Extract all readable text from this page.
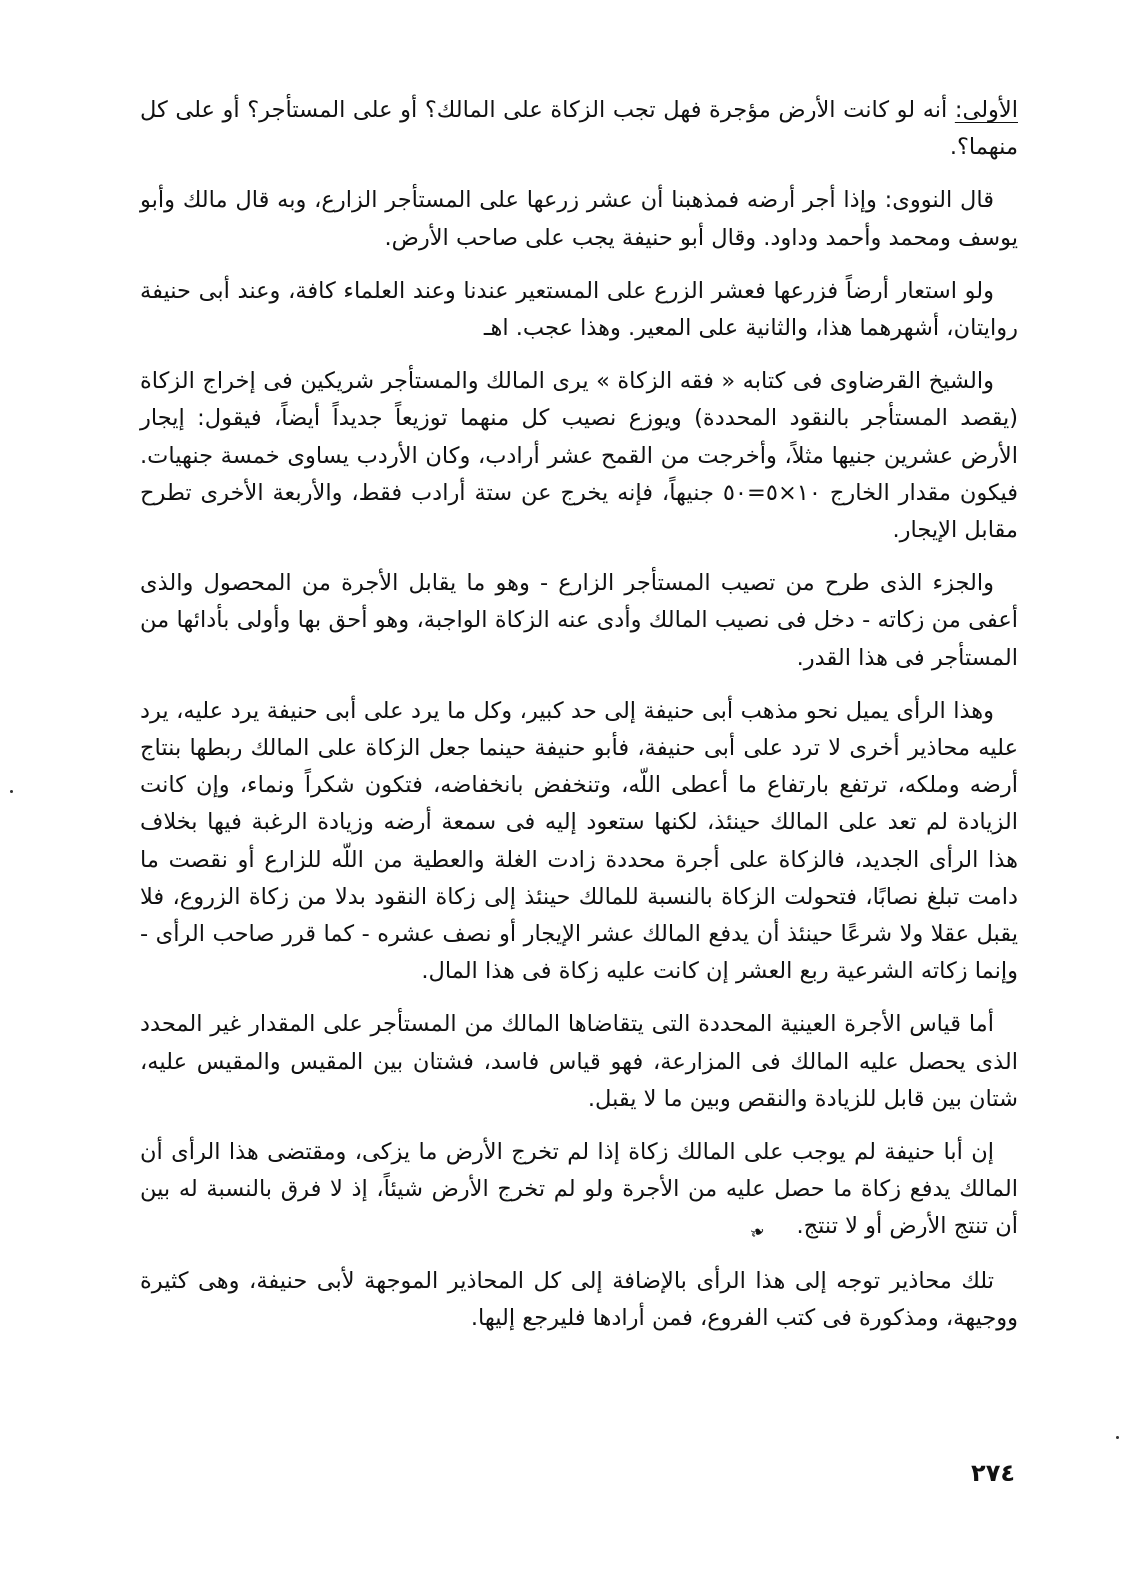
الأولى: أنه لو كانت الأرض مؤجرة فهل تجب الزكاة على المالك؟ أو على المستأجر؟ أو على كل منهما؟.

قال النووى: وإذا أجر أرضه فمذهبنا أن عشر زرعها على المستأجر الزارع، وبه قال مالك وأبو يوسف ومحمد وأحمد وداود. وقال أبو حنيفة يجب على صاحب الأرض.

ولو استعار أرضاً فزرعها فعشر الزرع على المستعير عندنا وعند العلماء كافة، وعند أبى حنيفة روايتان، أشهرهما هذا، والثانية على المعير. وهذا عجب. اهـ

والشيخ القرضاوى فى كتابه « فقه الزكاة » يرى المالك والمستأجر شريكين فى إخراج الزكاة (يقصد المستأجر بالنقود المحددة) ويوزع نصيب كل منهما توزيعاً جديداً أيضاً، فيقول: إيجار الأرض عشرين جنيها مثلاً، وأخرجت من القمح عشر أرادب، وكان الأردب يساوى خمسة جنهيات. فيكون مقدار الخارج ١٠×٥=٥٠ جنيهاً، فإنه يخرج عن ستة أرادب فقط، والأربعة الأخرى تطرح مقابل الإيجار.

والجزء الذى طرح من تصيب المستأجر الزارع - وهو ما يقابل الأجرة من المحصول والذى أعفى من زكاته - دخل فى نصيب المالك وأدى عنه الزكاة الواجبة، وهو أحق بها وأولى بأدائها من المستأجر فى هذا القدر.

وهذا الرأى يميل نحو مذهب أبى حنيفة إلى حد كبير، وكل ما يرد على أبى حنيفة يرد عليه، يرد عليه محاذير أخرى لا ترد على أبى حنيفة، فأبو حنيفة حينما جعل الزكاة على المالك ربطها بنتاج أرضه وملكه، ترتفع بارتفاع ما أعطى اللّه، وتنخفض بانخفاضه، فتكون شكراً ونماء، وإن كانت الزيادة لم تعد على المالك حينئذ، لكنها ستعود إليه فى سمعة أرضه وزيادة الرغبة فيها بخلاف هذا الرأى الجديد، فالزكاة على أجرة محددة زادت الغلة والعطية من اللّه للزارع أو نقصت ما دامت تبلغ نصابًا، فتحولت الزكاة بالنسبة للمالك حينئذ إلى زكاة النقود بدلا من زكاة الزروع، فلا يقبل عقلا ولا شرعًا حينئذ أن يدفع المالك عشر الإيجار أو نصف عشره - كما قرر صاحب الرأى - وإنما زكاته الشرعية ربع العشر إن كانت عليه زكاة فى هذا المال.

أما قياس الأجرة العينية المحددة التى يتقاضاها المالك من المستأجر على المقدار غير المحدد الذى يحصل عليه المالك فى المزارعة، فهو قياس فاسد، فشتان بين المقيس والمقيس عليه، شتان بين قابل للزيادة والنقص وبين ما لا يقبل.

إن أبا حنيفة لم يوجب على المالك زكاة إذا لم تخرج الأرض ما يزكى، ومقتضى هذا الرأى أن المالك يدفع زكاة ما حصل عليه من الأجرة ولو لم تخرج الأرض شيئاً، إذ لا فرق بالنسبة له بين أن تنتج الأرض أو لا تنتج.❧

تلك محاذير توجه إلى هذا الرأى بالإضافة إلى كل المحاذير الموجهة لأبى حنيفة، وهى كثيرة ووجيهة، ومذكورة فى كتب الفروع، فمن أرادها فليرجع إليها.

٢٧٤
